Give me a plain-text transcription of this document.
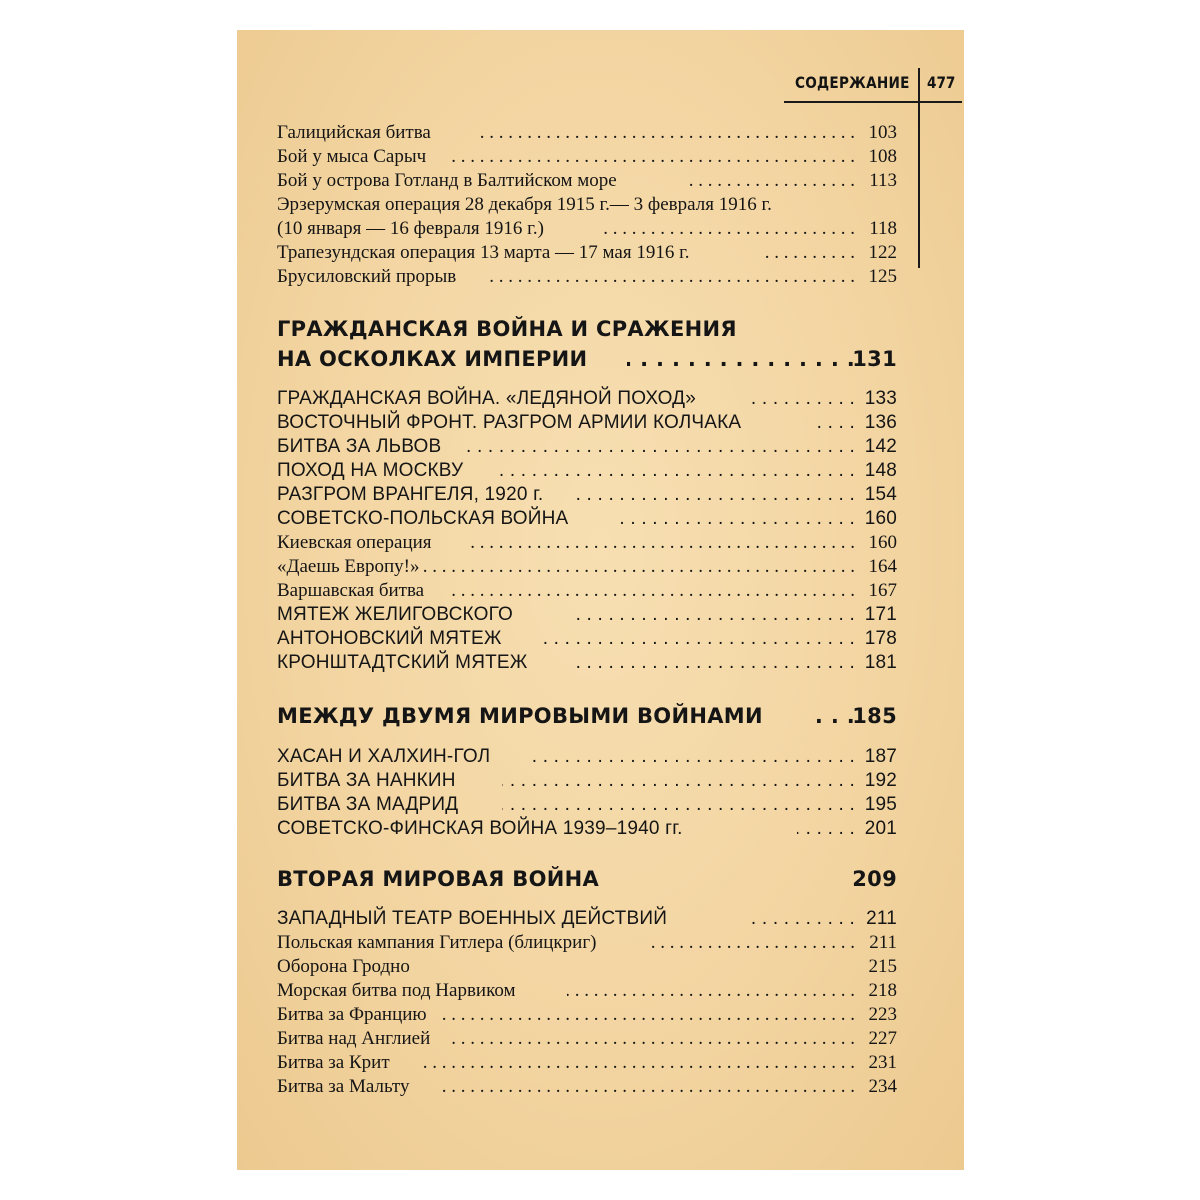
СОДЕРЖАНИЕ 477
Галицийская битва . . .	103
Бой у мыса Сарыч . . .	108
Бой у острова Готланд в Балтийском море . . .	113
Эрзерумская операция 28 декабря 1915 г.— 3 февраля 1916 г.
(10 января — 16 февраля 1916 г.) . . .	118
Трапезундская операция 13 марта — 17 мая 1916 г. . . .	122
Брусиловский прорыв . . .	125
ГРАЖДАНСКАЯ ВОЙНА И СРАЖЕНИЯ
НА ОСКОЛКАХ ИМПЕРИИ . . .	131
ГРАЖДАНСКАЯ ВОЙНА. «ЛЕДЯНОЙ ПОХОД» . . .	133
ВОСТОЧНЫЙ ФРОНТ. РАЗГРОМ АРМИИ КОЛЧАКА . . .	136
БИТВА ЗА ЛЬВОВ . . .	142
ПОХОД НА МОСКВУ . . .	148
РАЗГРОМ ВРАНГЕЛЯ, 1920 г. . . .	154
СОВЕТСКО-ПОЛЬСКАЯ ВОЙНА . . .	160
Киевская операция . . .	160
«Даешь Европу!» . . .	164
Варшавская битва . . .	167
МЯТЕЖ ЖЕЛИГОВСКОГО . . .	171
АНТОНОВСКИЙ МЯТЕЖ . . .	178
КРОНШТАДТСКИЙ МЯТЕЖ . . .	181
МЕЖДУ ДВУМЯ МИРОВЫМИ ВОЙНАМИ . . .	185
ХАСАН И ХАЛХИН-ГОЛ . . .	187
БИТВА ЗА НАНКИН . . .	192
БИТВА ЗА МАДРИД . . .	195
СОВЕТСКО-ФИНСКАЯ ВОЙНА 1939–1940 гг. . . .	201
ВТОРАЯ МИРОВАЯ ВОЙНА	209
ЗАПАДНЫЙ ТЕАТР ВОЕННЫХ ДЕЙСТВИЙ . . .	211
Польская кампания Гитлера (блицкриг) . . .	211
Оборона Гродно	215
Морская битва под Нарвиком . . .	218
Битва за Францию . . .	223
Битва над Англией . . .	227
Битва за Крит . . .	231
Битва за Мальту . . .	234
